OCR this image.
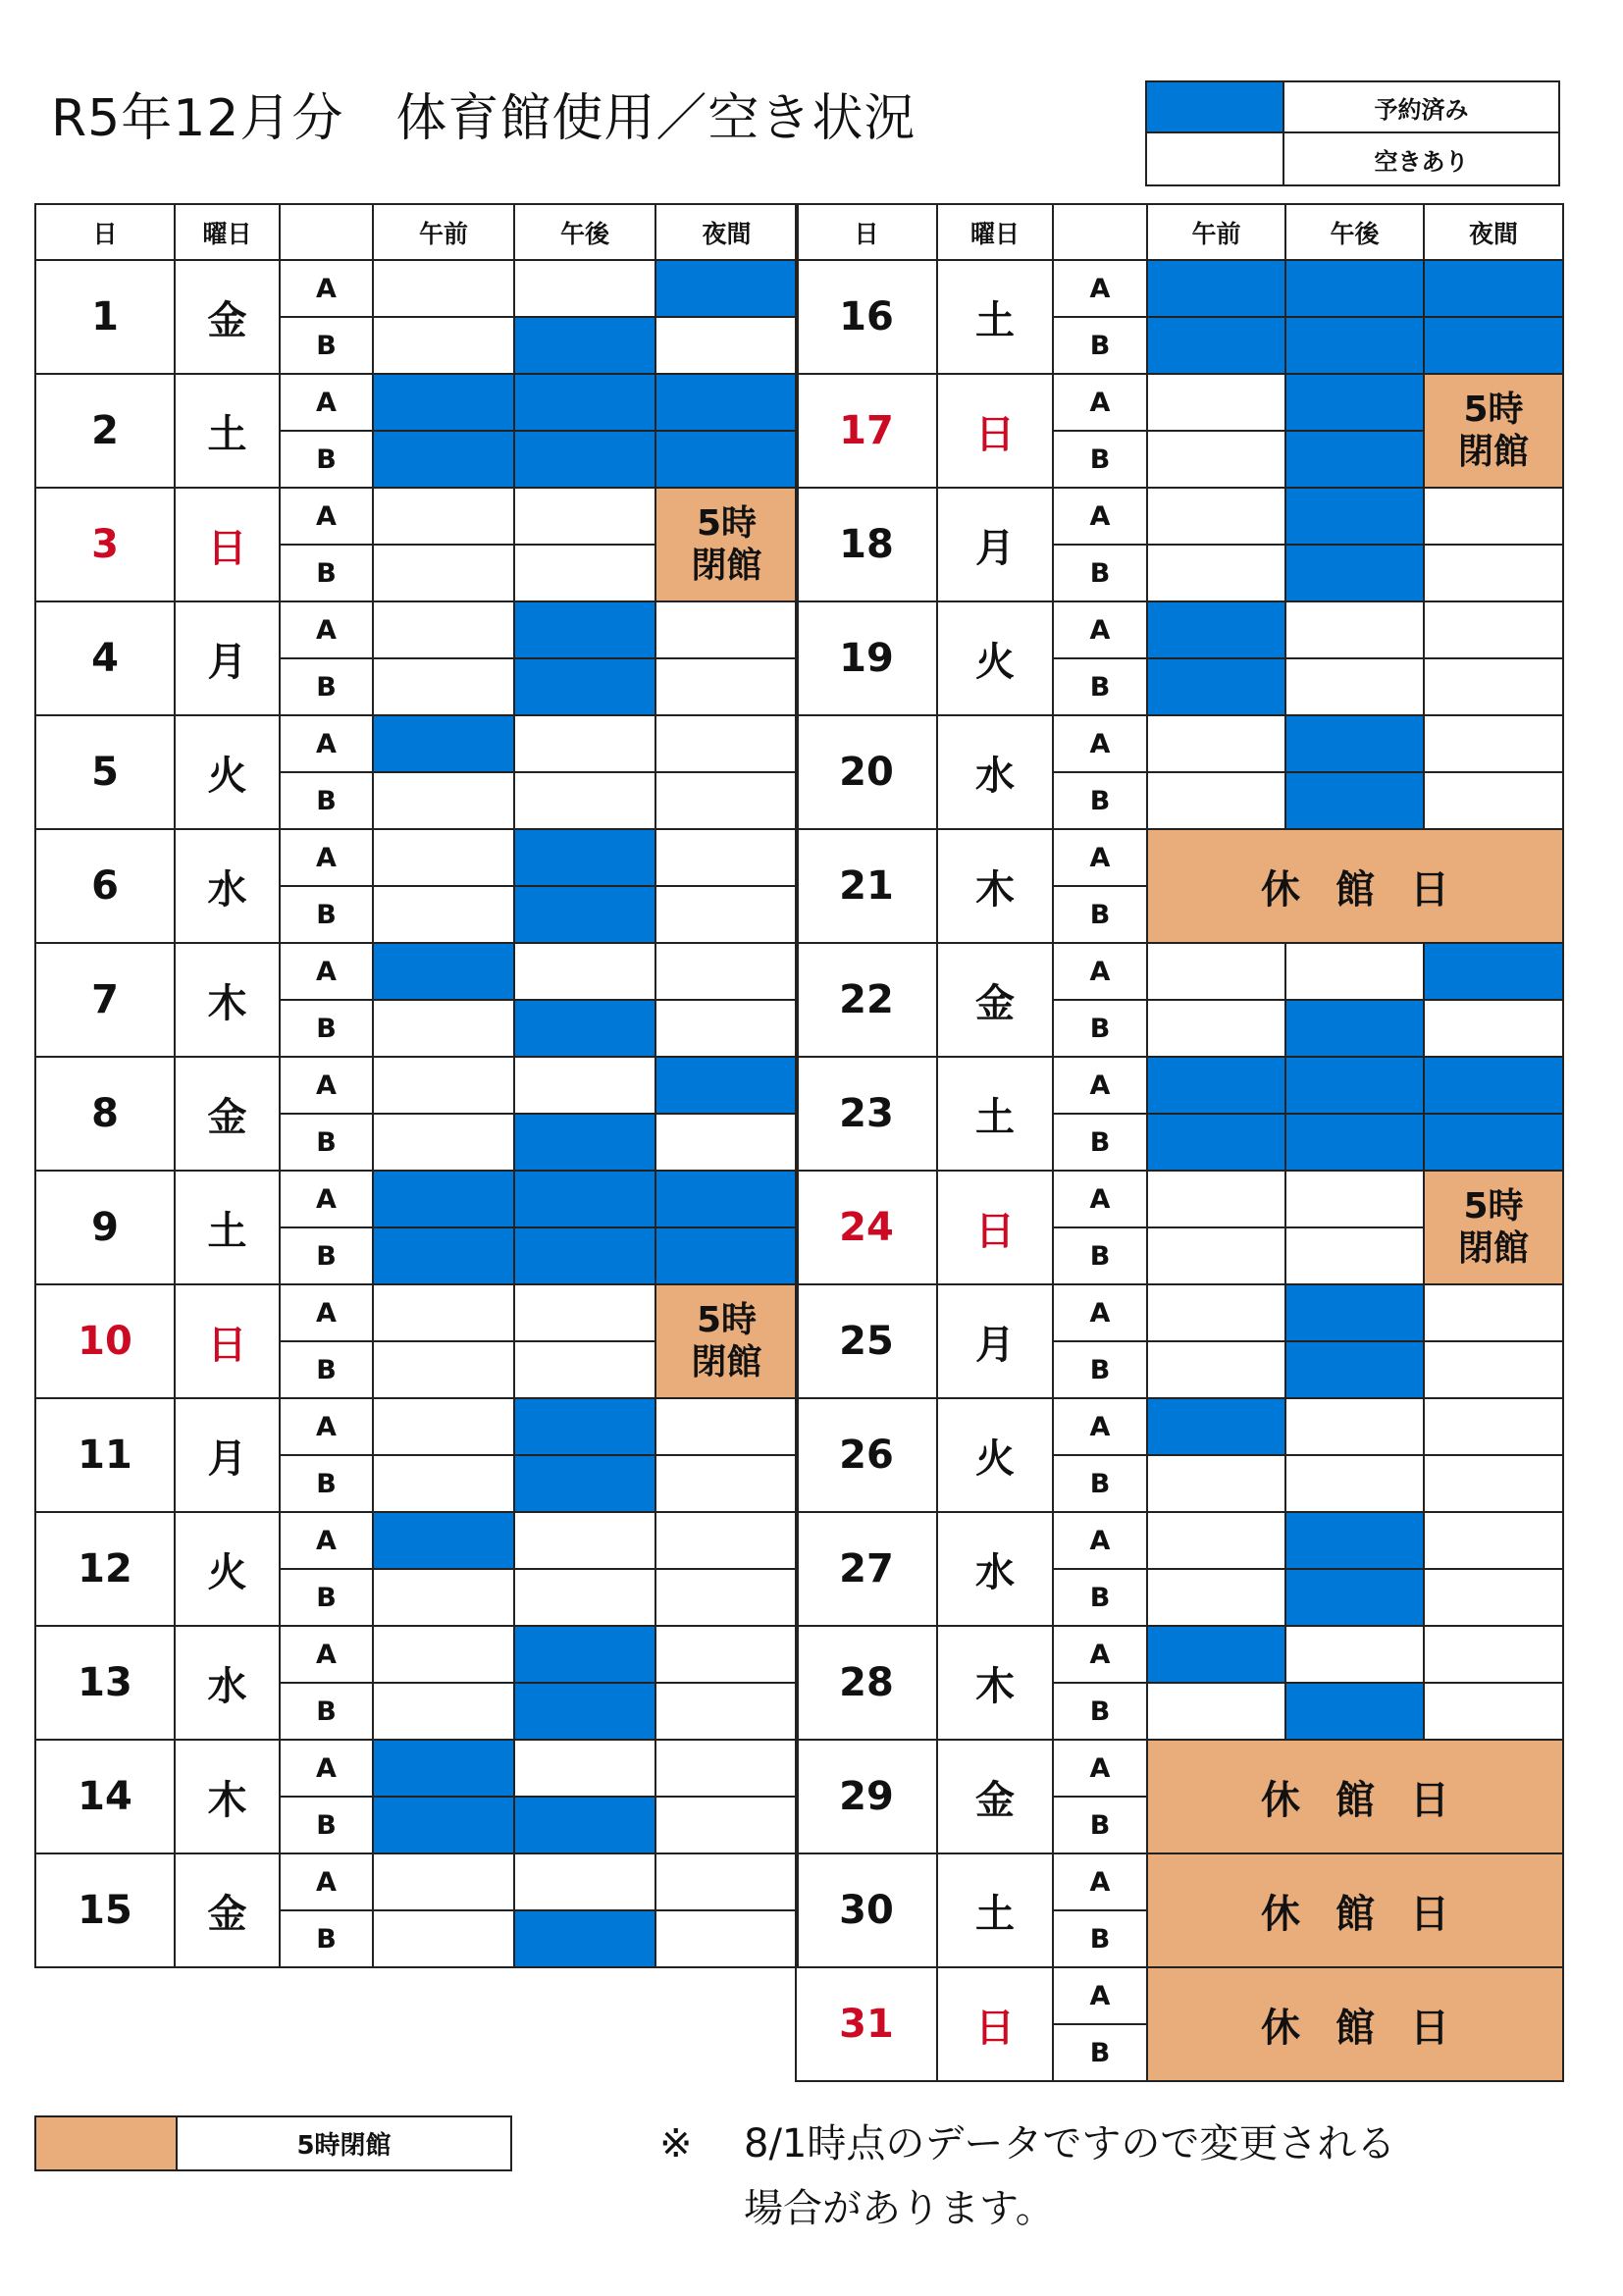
R5年12月分　体育館使用／空き状況	予約済み
空きあり
日	曜日		午前	午後	夜間
1	金	A			
		B			
2	土	A			
		B			
3	日	A			5時
閉館

		B			
4	月	A			
		B			
5	火	A			
		B			
6	水	A			
		B			
7	木	A			
		B			
8	金	A			
		B			
9	土	A			
		B			
10	日	A			5時
閉館

		B			
11	月	A			
		B			
12	火	A			
		B			
13	水	A			
		B			
14	木	A			
		B			
15	金	A			
		B			
日	曜日		午前	午後	夜間
16	土	A			
		B			
17	日	A			5時
閉館

		B			
18	月	A			
		B			
19	火	A			
		B			
20	水	A			
		B			
21	木	A	休館日		
		B			
22	金	A			
		B			
23	土	A			
		B			
24	日	A			5時
閉館

		B			
25	月	A			
		B			
26	火	A			
		B			
27	水	A			
		B			
28	木	A			
		B			
29	金	A	休館日		
		B			
30	土	A	休館日		
		B			
31	日	A	休館日		
		B			
5時閉館	※ 8/1時点のデータですので変更される
場合があります。
